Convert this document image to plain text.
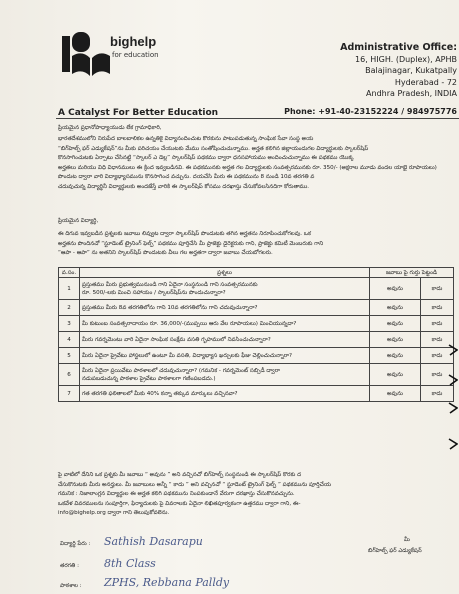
bighelp
for education
A Catalyst For Better Education
Administrative Office:
16, HIGH. (Duplex), APHB
Balajinagar, Kukatpally
Hyderabad - 72
Andhra Pradesh, INDIA
Phone: +91-40-23152224 / 984975776
ప్రియమైన ప్రధానోపాధ్యాయుడు లేక గ్రామాధికారి,
భారతదేశములోని నిరుపేద బాలబాలికల ఉన్నతికై విద్యానందించుట కొరకును పాటుపడుతున్న సాంఘిక సేవా సంస్థ అయ
“బిగ్‌హెల్ప్ ఫర్ ఎడ్యుకేషన్”ను మీకు పరిచయం చేయుటకు మేము సంతోషించుచున్నాము. అర్హత కలిగిన జిల్లాయందుగల విద్యార్థులకు స్కాలర్‌షిప్
కొనసాగించుటకు ఏర్పాటు చేసినట్టి “స్కాలర్ ఎ డెల్ల” స్కాలర్‌షిప్ పథకము ద్వారా ధనసహాయము అందించుచున్నాము ఈ పథకము యొక్క
అర్హతలు మరియు విధి విధానములు ఈ క్రింద ఇవ్వబడినవి. ఈ పథకమునకు అర్హత గల విద్యార్థులకు సంవత్సరమునకు రూ. 350/- (అక్షరాల మూడు వందల యాభై రూపాయలు)
పొందుట ద్వారా వారి విద్యాభ్యాసమును కొనసాగించ వచ్చును. దయచేసి మీరు ఈ పథకమును 8 నుండి 10వ తరగతి వ
చదువుచున్న విద్యార్థినీ విద్యార్థులకు అందజేస్తే వారికి ఈ స్కాలర్‌షిప్ కోసము దరఖాస్తు చేసుకోవలసినదిగా కోరుతాము.
ప్రియమైన విద్యార్థి,
ఈ దిగువ ఇవ్వబడిన ప్రశ్నలకు జవాబు లివ్వుట ద్వారా స్కాలర్‌షిప్ పొందుటకు తగిన అర్హతను నిరూపించుకోగలవు. ఒక
అర్హతను పొందినచో “స్టూడెంట్ ట్రైనింగ్ ఫెల్ప్” పథకము పూర్తిచేసి మీ ప్రాజెక్టు డైరెక్టరుకు గాని, ప్రాజెక్టు కమిటీ మెంబరుకు గాని
“ఆపా - ఆపా” ను అతనిని స్కాలర్‌షిప్ పొందుటకు వీలు గల అర్హతగా ద్వారా జవాబు చేయబోగలరు.
వ.సం.	ప్రశ్నలు	జవాబు పై గుర్తు పెట్టండి	
1	ప్రస్తుతము మీరు ప్రభుత్వమునుండి గాని ఏదైనా సంస్థనుండి గాని సంవత్సరమునకు
రూ. 500/-లకు మించి సహాయం / స్కాలర్‌షిప్‌ను పొందుచున్నారా?	అవును	కాదు
2	ప్రస్తుతము మీరు 8వ తరగతిలోను గాని 10వ తరగతిలోను గాని చదువుచున్నారా?	అవును	కాదు
3	మీ కుటుంబ సంవత్సరాదాయం రూ. 36,000/-(ముప్పయి ఆరు వేల రూపాయలు) మించియున్నదా?	అవును	కాదు
4	మీరు గవర్నమెంటు వారి ఏదైనా సాంఘిక సంక్షేమ వసతి గృహములో నివసించుచున్నారా?	అవును	కాదు
5	మీరు ఏదైనా ప్రైవేటు హాస్టలులో ఉంటూ మీ వసతి, విద్యాభ్యాస ఖర్చులకు ఫీజు చెల్లించుచున్నారా?	అవును	కాదు
6	మీరు ఏదైనా ప్రయివేటు పాఠశాలలో చదువుచున్నారా? (గమనిక - గవర్నమెంట్ సబ్సిడీ ద్వారా
నడుపబడుచున్న పాఠశాల ప్రైవేటు పాఠశాలగా గణింపబడదు.)	అవును	కాదు
7	గత తరగతి ఫలితాలలో మీకు 40% కన్నా తక్కువ మార్కులు వచ్చినవా?	అవును	కాదు
పై వాటిలో దేనిని ఒక ప్రశ్నకు మీ జవాబు “ అవును ” అని వచ్చినచో బిగ్‌హెల్ప్ సంస్థనుండి ఈ స్కాలర్‌షిప్ కొరకు ద
చేసుకొనుటకు మీరు అనర్హులు. మీ జవాబులు అన్నీ “ కాదు ” అని వచ్చినచో “ స్టూడెంట్ ట్రైనింగ్ ఫెల్ప్ ” పథకమును పూర్తిచేయ
గమనిక : నిజాలాంగ్లన విద్యార్థుల ఈ అర్హత కలిగి పథకమును నింపకుండానే వేరుగా దరఖాస్తు చేసుకొనవచ్చును.
ఒకవేళ వివరములను సంపూర్తిగా, ఫిర్యాదులకు పై వివరాలకు ఏదైనా లిఖితపూర్వకంగా ఉత్తరము ద్వారా గాని, ఈ-
info@bighelp.org ద్వారా గాని తెలుపుకోవలెను.
విద్యార్థి పేరు : Sathish Dasarapu
తరగతి : 8th Class
పాఠశాల : ZPHS, Rebbana Palldy
మీ
బిగ్‌హెల్ప్ ఫర్ ఎడ్యుకేషన్
